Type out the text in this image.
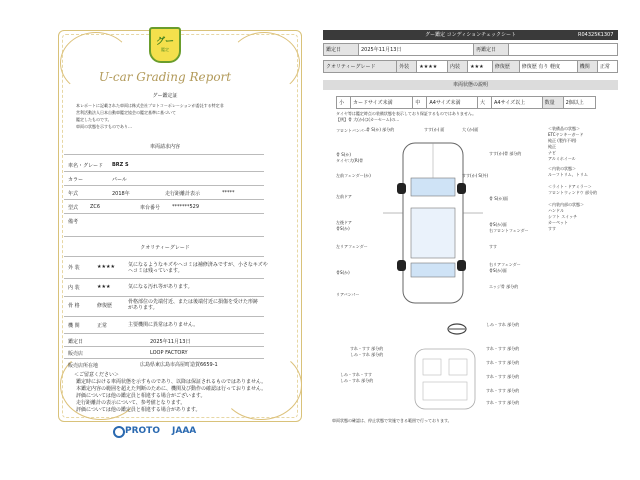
グー
鑑定
U-car Grading Report
グー鑑定証
本レポートに記載された車両は株式会社プロトコーポレーションが委託する特定非
営利活動法人日本自動車鑑定協会の鑑定基準に基づいて
鑑定したものです。
車両の状態を示すものであり…
車両請求内容
車名・グレード BRZ S
カラー	パール
年式	2018年	走行距離計表示	*****
型式 ZC6	車台番号 *******529
備考
クオリティーグレード
外 装	★★★★	気になるようなキズやヘコミは補修済みですが、小さなキズや
ヘコミは残っています。
内 装	★★★	気になる汚れ等があります。
骨 格	修復歴
骨格部位の先端付近、または後端付近に損傷を受けた形跡
があります。
機 関	正常	主要機関に異常はありません。
鑑定日	2025年11月13日
販売店	LOOP FACTORY
販売店所在地	広島県東広島市高屋町造賀6659-1
＜ご留意ください＞
鑑定時における車両状態を示すものであり、以降は保証されるものではありません。
本鑑定内容の範囲を超えた判断のために、機関及び動作の確認は行っておりません。
評価については他の鑑定員と相違する場合がございます。
走行距離計の表示について、参考値となります。
評価については他の鑑定員と相違する場合があります。
PROTO JAAA
グー鑑定 コンディションチェックシート	R04325K1307
鑑定日	2025年11月13日	再鑑定日	
クオリティーグレード	外装	★★★★	内装	★★★	修復歴	修復歴 有り 軽度	機関	正常
車両状態の説明
小	カードサイズ未満	中	A4サイズ未満	大	A4サイズ以上	数量	2個以上
タイヤ等は鑑定時点の装備状態を表示しており保証するものではありません。
【例】骨 大(か)は(カーセーム)の…
フロントバンパー
骨 S(か)
タイヤ:大(R)骨
左前フェンダー(か)
左前ドア
左後ドア
骨S(か)
左リアフェンダー
骨S(か)
リアバンパー
骨 S(か) 部分的	すす(か) 面	大 (か)面
すす(か) S(外)
すす(か)骨 部分的
骨 S(か)面
骨S(か)面
右フロントフェンダー
すす
右リアフェンダー
骨S(か)面
エッジ骨 部分的
＜装備品の状態＞
ETCヤンキーガード
純正 (製作不明)
純正
ナビ
アルミホイール
＜内装の状態＞
ルーフトリム、トリム
＜ライト・ドアミラー＞
フロントウィンドウ 部分的
＜内装内部の状態＞
ハンドル
シフト スイッチ
カーペット
すす
すれ・すす 部分的
しみ・すれ 部分的
しみ・すれ・すす
しみ・すれ 部分的
しみ・すれ 部分的
すれ・すす 部分的
すれ・すす 部分的
すれ・すす 部分的
すれ・すす 部分的
すれ・すす 部分的
車両状態の確認は、停止状態で実施できる範囲で行っております。
